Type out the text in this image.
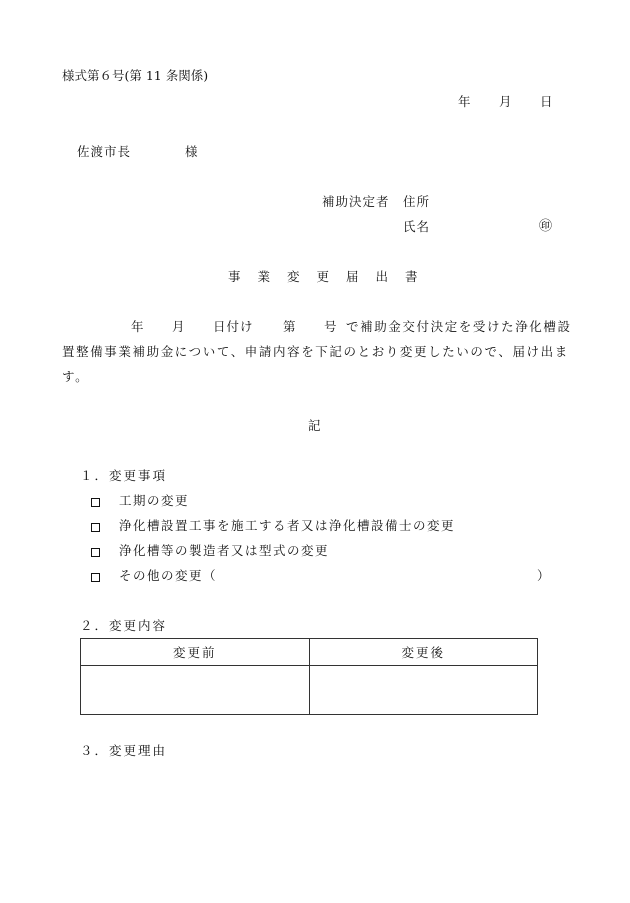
様式第６号(第 11 条関係)
年 月 日
佐渡市長	様
補助決定者 住所
氏名	㊞
事業変更届出書
年 月 日付け 第 号 で補助金交付決定を受けた浄化槽設
置整備事業補助金について、申請内容を下記のとおり変更したいので、届け出ま
す。
記
１．変更事項
工期の変更
浄化槽設置工事を施工する者又は浄化槽設備士の変更
浄化槽等の製造者又は型式の変更
その他の変更（	）
２．変更内容
変更前	変更後

３．変更理由
